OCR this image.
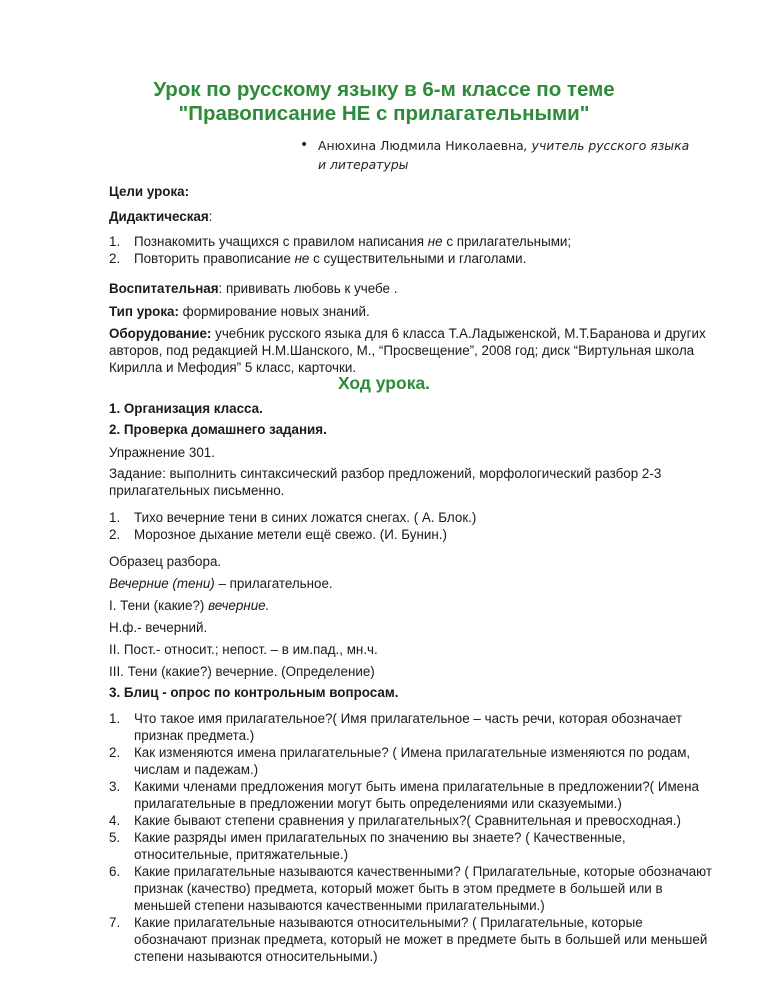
Урок по русскому языку в 6-м классе по теме
"Правописание НЕ с прилагательными"
• Анюхина Людмила Николаевна, учитель русского языка и литературы
Цели урока:
Дидактическая:
1. Познакомить учащихся с правилом написания не с прилагательными;
2. Повторить правописание не с существительными и глаголами.
Воспитательная: прививать любовь к учебе .
Тип урока: формирование новых знаний.
Оборудование: учебник русского языка для 6 класса Т.А.Ладыженской, М.Т.Баранова и других авторов, под редакцией Н.М.Шанского, М., “Просвещение”, 2008 год; диск “Виртульная школа Кирилла и Мефодия” 5 класс, карточки.
Ход урока.
1. Организация класса.
2. Проверка домашнего задания.
Упражнение 301.
Задание: выполнить синтаксический разбор предложений, морфологический разбор 2-3 прилагательных письменно.
1. Тихо вечерние тени в синих ложатся снегах. ( А. Блок.)
2. Морозное дыхание метели ещё свежо. (И. Бунин.)
Образец разбора.
Вечерние (тени) – прилагательное.
I. Тени (какие?) вечерние.
Н.ф.- вечерний.
II. Пост.- относит.; непост. – в им.пад., мн.ч.
III. Тени (какие?) вечерние. (Определение)
3. Блиц - опрос по контрольным вопросам.
1. Что такое имя прилагательное?( Имя прилагательное – часть речи, которая обозначает признак предмета.)
2. Как изменяются имена прилагательные? ( Имена прилагательные изменяются по родам, числам и падежам.)
3. Какими членами предложения могут быть имена прилагательные в предложении?( Имена прилагательные в предложении могут быть определениями или сказуемыми.)
4. Какие бывают степени сравнения у прилагательных?( Сравнительная и превосходная.)
5. Какие разряды имен прилагательных по значению вы знаете? ( Качественные, относительные, притяжательные.)
6. Какие прилагательные называются качественными? ( Прилагательные, которые обозначают признак (качество) предмета, который может быть в этом предмете в большей или в меньшей степени называются качественными прилагательными.)
7. Какие прилагательные называются относительными? ( Прилагательные, которые обозначают признак предмета, который не может в предмете быть в большей или меньшей степени называются относительными.)
